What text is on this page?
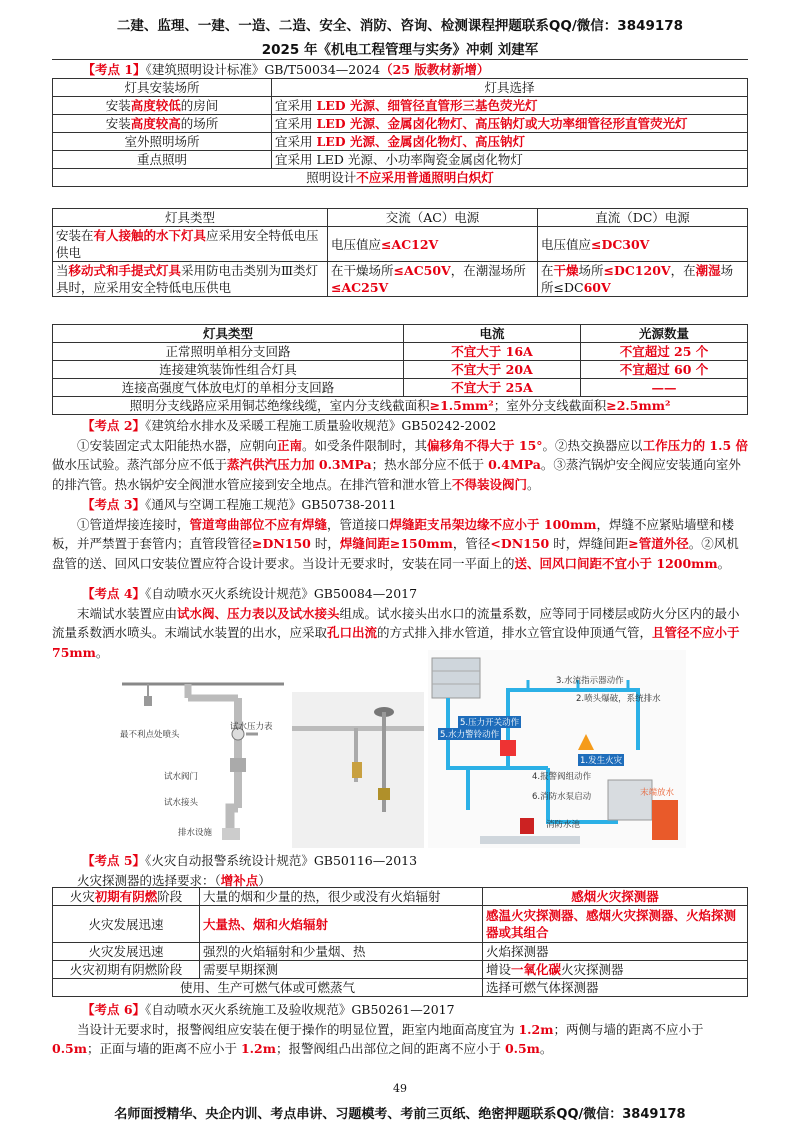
二建、监理、一建、一造、二造、安全、消防、咨询、检测课程押题联系QQ/微信：3849178
2025 年《机电工程管理与实务》冲刺 刘建军
【考点 1】《建筑照明设计标准》GB/T50034—2024（25 版教材新增）	
灯具安装场所	灯具选择
安装高度较低的房间	宜采用 LED 光源、细管径直管形三基色荧光灯
安装高度较高的场所	宜采用 LED 光源、金属卤化物灯、高压钠灯或大功率细管径形直管荧光灯
室外照明场所	宜采用 LED 光源、金属卤化物灯、高压钠灯
重点照明	宜采用 LED 光源、小功率陶瓷金属卤化物灯
照明设计不应采用普通照明白炽灯	
灯具类型	交流（AC）电源	直流（DC）电源
安装在有人接触的水下灯具应采用安全特低电压供电	电压值应≤AC12V	电压值应≤DC30V
当移动式和手提式灯具采用防电击类别为Ⅲ类灯具时，应采用安全特低电压供电	在干燥场所≤AC50V，在潮湿场所≤AC25V	在干燥场所≤DC120V，在潮湿场所≤DC60V
灯具类型	电流	光源数量
正常照明单相分支回路	不宜大于 16A	不宜超过 25 个
连接建筑装饰性组合灯具	不宜大于 20A	不宜超过 60 个
连接高强度气体放电灯的单相分支回路	不宜大于 25A	——
照明分支线路应采用铜芯绝缘线缆，室内分支线截面积≥1.5mm²；室外分支线截面积≥2.5mm²		
【考点 2】《建筑给水排水及采暖工程施工质量验收规范》GB50242-2002
①安装固定式太阳能热水器，应朝向正南。如受条件限制时，其偏移角不得大于 15°。②热交换器应以工作压力的 1.5 倍做水压试验。蒸汽部分应不低于蒸汽供汽压力加 0.3MPa；热水部分应不低于 0.4MPa。③蒸汽锅炉安全阀应安装通向室外的排汽管。热水锅炉安全阀泄水管应接到安全地点。在排汽管和泄水管上不得装设阀门。
【考点 3】《通风与空调工程施工规范》GB50738-2011
①管道焊接连接时，管道弯曲部位不应有焊缝，管道接口焊缝距支吊架边缘不应小于 100mm，焊缝不应紧贴墙壁和楼板，并严禁置于套管内；直管段管径≥DN150 时，焊缝间距≥150mm，管径<DN150 时，焊缝间距≥管道外径。②风机盘管的送、回风口安装位置应符合设计要求。当设计无要求时，安装在同一平面上的送、回风口间距不宜小于 1200mm。
【考点 4】《自动喷水灭火系统设计规范》GB50084—2017
末端试水装置应由试水阀、压力表以及试水接头组成。试水接头出水口的流量系数，应等同于同楼层或防火分区内的最小流量系数洒水喷头。末端试水装置的出水，应采取孔口出流的方式排入排水管道，排水立管宜设伸顶通气管，且管径不应小于 75mm。
最不利点处喷头
试水压力表
试水阀门
试水接头
排水设施
3.水流指示器动作
2.喷头爆破，系统排水
5.压力开关动作
5.水力警铃动作
1.发生火灾
4.报警阀组动作
6.消防水泵启动
消防水池
末端放水
【考点 5】《火灾自动报警系统设计规范》GB50116—2013
火灾探测器的选择要求：（增补点）
火灾初期有阴燃阶段	大量的烟和少量的热，很少或没有火焰辐射	感烟火灾探测器
火灾发展迅速	大量热、烟和火焰辐射	感温火灾探测器、感烟火灾探测器、火焰探测器或其组合
火灾发展迅速	强烈的火焰辐射和少量烟、热	火焰探测器
火灾初期有阴燃阶段	需要早期探测	增设一氧化碳火灾探测器
使用、生产可燃气体或可燃蒸气		选择可燃气体探测器
【考点 6】《自动喷水灭火系统施工及验收规范》GB50261—2017
当设计无要求时，报警阀组应安装在便于操作的明显位置，距室内地面高度宜为 1.2m；两侧与墙的距离不应小于 0.5m；正面与墙的距离不应小于 1.2m；报警阀组凸出部位之间的距离不应小于 0.5m。
49
名师面授精华、央企内训、考点串讲、习题模考、考前三页纸、绝密押题联系QQ/微信：3849178
